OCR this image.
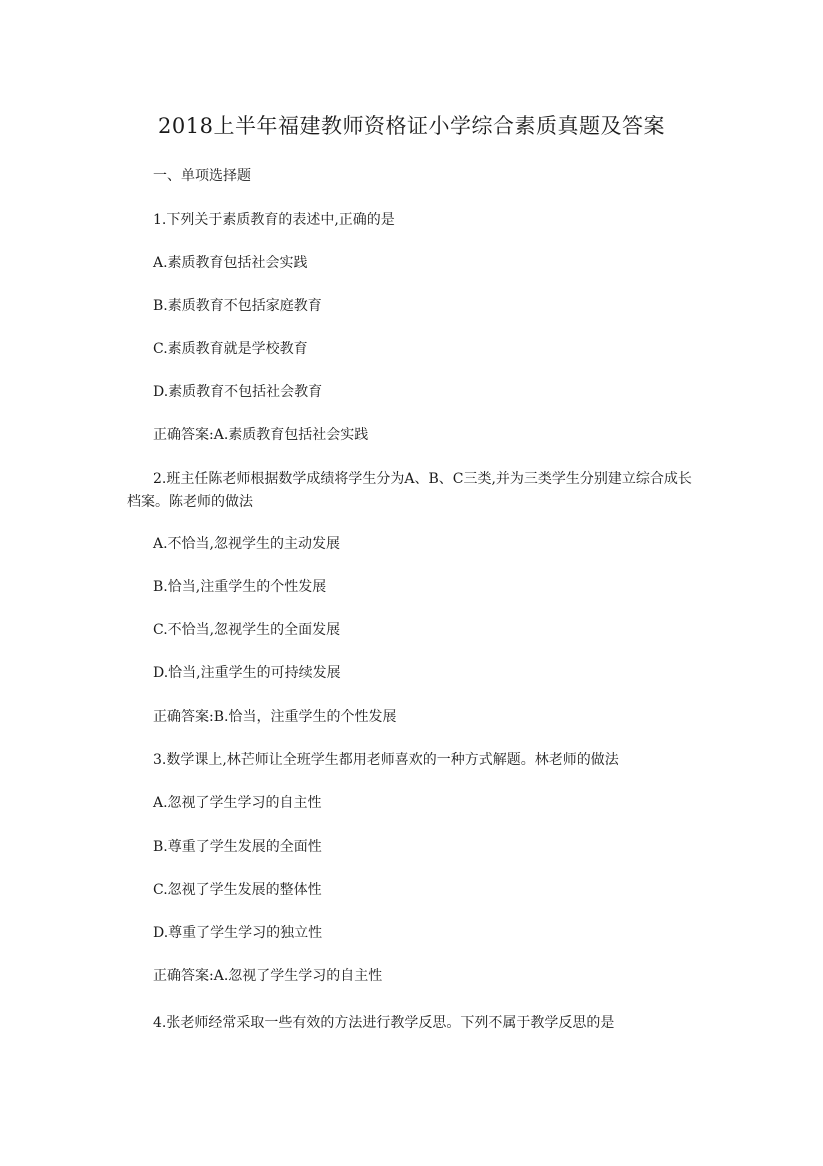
2018上半年福建教师资格证小学综合素质真题及答案
一、单项选择题
1.下列关于素质教育的表述中,正确的是
A.素质教育包括社会实践
B.素质教育不包括家庭教育
C.素质教育就是学校教育
D.素质教育不包括社会教育
正确答案:A.素质教育包括社会实践
2.班主任陈老师根据数学成绩将学生分为A、B、C三类,并为三类学生分别建立综合成长档案。陈老师的做法
A.不恰当,忽视学生的主动发展
B.恰当,注重学生的个性发展
C.不恰当,忽视学生的全面发展
D.恰当,注重学生的可持续发展
正确答案:B.恰当，注重学生的个性发展
3.数学课上,林芒师让全班学生都用老师喜欢的一种方式解题。林老师的做法
A.忽视了学生学习的自主性
B.尊重了学生发展的全面性
C.忽视了学生发展的整体性
D.尊重了学生学习的独立性
正确答案:A.忽视了学生学习的自主性
4.张老师经常采取一些有效的方法进行教学反思。下列不属于教学反思的是
